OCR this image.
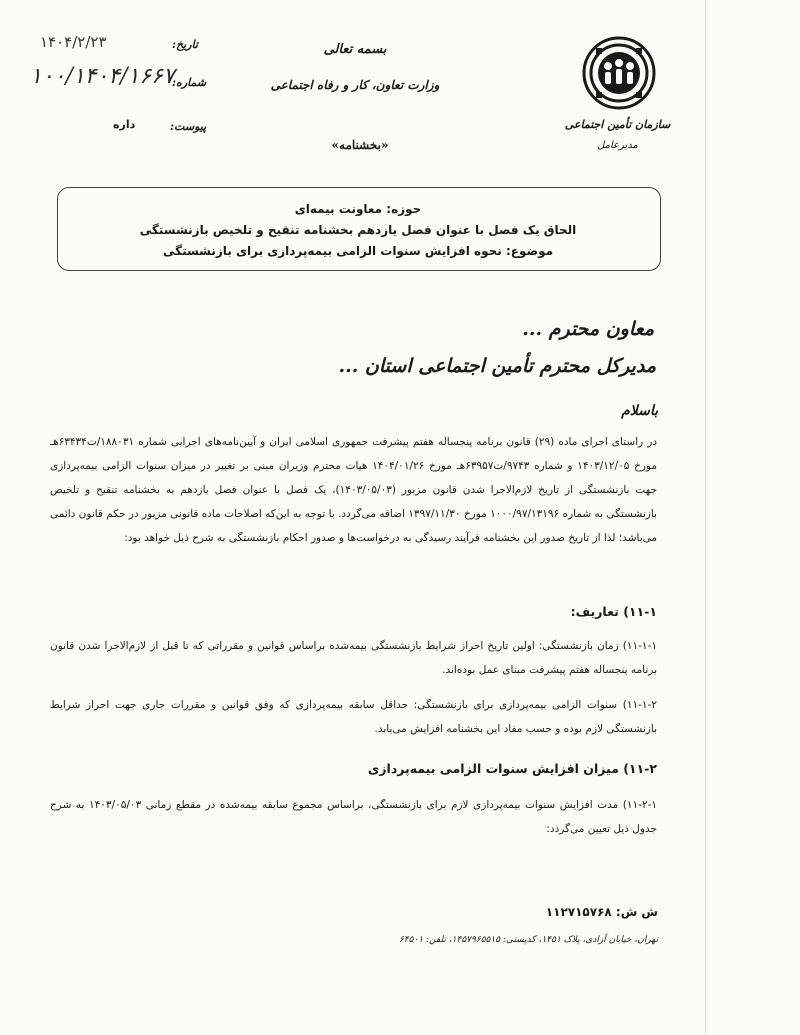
تاریخ:
۱۴۰۴/۲/۲۳
شماره:
۱۰۰/۱۴۰۴/۱۶۶۷
پیوست:
داره
بسمه تعالی
وزارت تعاون، کار و رفاه اجتماعی
«بخشنامه»
سازمان تأمین اجتماعی
مدیرعامل
حوزه: معاونت بیمه‌ای
الحاق یک فصل با عنوان فصل یازدهم بخشنامه تنقیح و تلخیص بازنشستگی
موضوع: نحوه افزایش سنوات الزامی بیمه‌پردازی برای بازنشستگی
معاون محترم ...
مدیرکل محترم تأمین اجتماعی استان ...
باسلام
در راستای اجرای ماده (۲۹) قانون برنامه پنجساله هفتم پیشرفت جمهوری اسلامی ایران و آیین‌نامه‌های اجرایی شماره ۱۸۸۰۳۱/ت۶۳۴۳۴هـ مورخ ۱۴۰۳/۱۲/۰۵ و شماره ۹۷۴۳/ت۶۳۹۵۷هـ مورخ ۱۴۰۴/۰۱/۲۶ هیات محترم وزیران مبنی بر تغییر در میزان سنوات الزامی بیمه‌پردازی جهت بازنشستگی از تاریخ لازم‌الاجرا شدن قانون مزبور (۱۴۰۳/۰۵/۰۳)، یک فصل با عنوان فصل یازدهم به بخشنامه تنقیح و تلخیص بازنشستگی به شماره ۱۰۰۰/۹۷/۱۳۱۹۶ مورخ ۱۳۹۷/۱۱/۳۰ اضافه می‌گردد. با توجه به این‌که اصلاحات ماده قانونی مزبور در حکم قانون دائمی می‌باشد؛ لذا از تاریخ صدور این بخشنامه فرآیند رسیدگی به درخواست‌ها و صدور احکام بازنشستگی به شرح ذیل خواهد بود:
۱۱-۱) تعاریف:
۱۱-۱-۱) زمان بازنشستگی: اولین تاریخ احراز شرایط بازنشستگی بیمه‌شده براساس قوانین و مقرراتی که تا قبل از لازم‌الاجرا شدن قانون برنامه پنجساله هفتم پیشرفت مبنای عمل بوده‌اند.
۱۱-۱-۲) سنوات الزامی بیمه‌پردازی برای بازنشستگی: حداقل سابقه بیمه‌پردازی که وفق قوانین و مقررات جاری جهت احراز شرایط بازنشستگی لازم بوده و حسب مفاد این بخشنامه افزایش می‌یابد.
۱۱-۲) میزان افزایش سنوات الزامی بیمه‌پردازی
۱۱-۲-۱) مدت افزایش سنوات بیمه‌پردازی لازم برای بازنشستگی، براساس مجموع سابقه بیمه‌شده در مقطع زمانی ۱۴۰۳/۰۵/۰۳ به شرح جدول ذیل تعیین می‌گردد:
ش ش: ۱۱۲۷۱۵۷۶۸
تهران، خیابان آزادی، پلاک ۱۴۵۱، کدپستی: ۱۴۵۷۹۶۵۵۱۵، تلفن: ۶۴۵۰۱
